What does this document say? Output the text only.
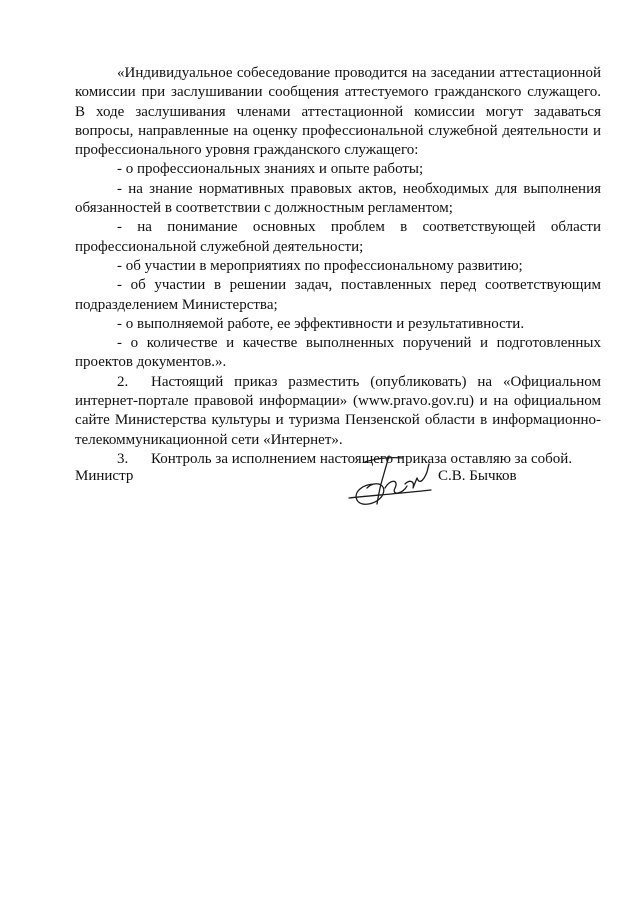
«Индивидуальное собеседование проводится на заседании аттестационной комиссии при заслушивании сообщения аттестуемого гражданского служащего. В ходе заслушивания членами аттестационной комиссии могут задаваться вопросы, направленные на оценку профессиональной служебной деятельности и профессионального уровня гражданского служащего:

- о профессиональных знаниях и опыте работы;

- на знание нормативных правовых актов, необходимых для выполнения обязанностей в соответствии с должностным регламентом;

- на понимание основных проблем в соответствующей области профессиональной служебной деятельности;

- об участии в мероприятиях по профессиональному развитию;

- об участии в решении задач, поставленных перед соответствующим подразделением Министерства;

- о выполняемой работе, ее эффективности и результативности.

- о количестве и качестве выполненных поручений и подготовленных проектов документов.».

2. Настоящий приказ разместить (опубликовать) на «Официальном интернет-портале правовой информации» (www.pravo.gov.ru) и на официальном сайте Министерства культуры и туризма Пензенской области в информационно-телекоммуникационной сети «Интернет».

3. Контроль за исполнением настоящего приказа оставляю за собой.

Министр	С.В. Бычков
